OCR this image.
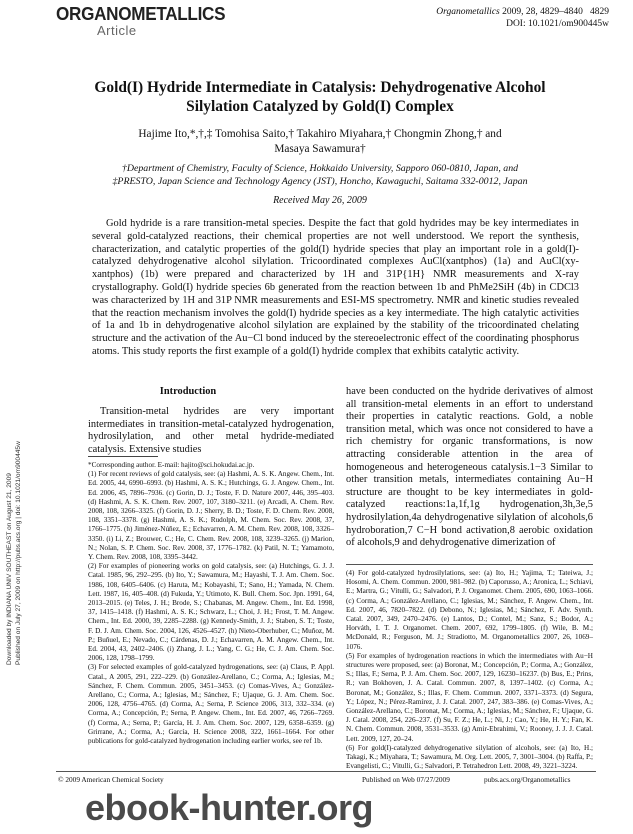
ORGANOMETALLICS
Article
Organometallics 2009, 28, 4829–4840 4829
DOI: 10.1021/om900445w
Downloaded by INDIANA UNIV SOUTHEAST on August 21, 2009 Published on July 27, 2009 on http://pubs.acs.org | doi: 10.1021/om900445w
Gold(I) Hydride Intermediate in Catalysis: Dehydrogenative Alcohol
Silylation Catalyzed by Gold(I) Complex
Hajime Ito,*,†,‡ Tomohisa Saito,† Takahiro Miyahara,† Chongmin Zhong,† and
Masaya Sawamura†
†Department of Chemistry, Faculty of Science, Hokkaido University, Sapporo 060-0810, Japan, and
‡PRESTO, Japan Science and Technology Agency (JST), Honcho, Kawaguchi, Saitama 332-0012, Japan
Received May 26, 2009
Gold hydride is a rare transition-metal species. Despite the fact that gold hydrides may be key intermediates in several gold-catalyzed reactions, their chemical properties are not well understood. We report the synthesis, characterization, and catalytic properties of the gold(I) hydride species that play an important role in a gold(I)-catalyzed dehydrogenative alcohol silylation. Tricoordinated complexes AuCl(xantphos) (1a) and AuCl(xy-xantphos) (1b) were prepared and characterized by 1H and 31P{1H} NMR measurements and X-ray crystallography. Gold(I) hydride species 6b generated from the reaction between 1b and PhMe2SiH (4b) in CDCl3 was characterized by 1H and 31P NMR measurements and ESI-MS spectrometry. NMR and kinetic studies revealed that the reaction mechanism involves the gold(I) hydride species as a key intermediate. The high catalytic activities of 1a and 1b in dehydrogenative alcohol silylation are explained by the stability of the tricoordinated chelating structure and the activation of the Au−Cl bond induced by the stereoelectronic effect of the coordinating phosphorus atoms. This study reports the first example of a gold(I) hydride complex that exhibits catalytic activity.
Introduction
Transition-metal hydrides are very important intermediates in transition-metal-catalyzed hydrogenation, hydrosilylation, and other metal hydride-mediated catalysis. Extensive studies

*Corresponding author. E-mail: hajito@sci.hokudai.ac.jp.

(1) For recent reviews of gold catalysis, see: (a) Hashmi, A. S. K. Angew. Chem., Int. Ed. 2005, 44, 6990–6993. (b) Hashmi, A. S. K.; Hutchings, G. J. Angew. Chem., Int. Ed. 2006, 45, 7896–7936. (c) Gorin, D. J.; Toste, F. D. Nature 2007, 446, 395–403. (d) Hashmi, A. S. K. Chem. Rev. 2007, 107, 3180–3211. (e) Arcadi, A. Chem. Rev. 2008, 108, 3266–3325. (f) Gorin, D. J.; Sherry, B. D.; Toste, F. D. Chem. Rev. 2008, 108, 3351–3378. (g) Hashmi, A. S. K.; Rudolph, M. Chem. Soc. Rev. 2008, 37, 1766–1775. (h) Jiménez-Núñez, E.; Echavarren, A. M. Chem. Rev. 2008, 108, 3326–3350. (i) Li, Z.; Brouwer, C.; He, C. Chem. Rev. 2008, 108, 3239–3265. (j) Marion, N.; Nolan, S. P. Chem. Soc. Rev. 2008, 37, 1776–1782. (k) Patil, N. T.; Yamamoto, Y. Chem. Rev. 2008, 108, 3395–3442.

(2) For examples of pioneering works on gold catalysis, see: (a) Hutchings, G. J. J. Catal. 1985, 96, 292–295. (b) Ito, Y.; Sawamura, M.; Hayashi, T. J. Am. Chem. Soc. 1986, 108, 6405–6406. (c) Haruta, M.; Kobayashi, T.; Sano, H.; Yamada, N. Chem. Lett. 1987, 16, 405–408. (d) Fukuda, Y.; Utimoto, K. Bull. Chem. Soc. Jpn. 1991, 64, 2013–2015. (e) Teles, J. H.; Brode, S.; Chabanas, M. Angew. Chem., Int. Ed. 1998, 37, 1415–1418. (f) Hashmi, A. S. K.; Schwarz, L.; Choi, J. H.; Frost, T. M. Angew. Chem., Int. Ed. 2000, 39, 2285–2288. (g) Kennedy-Smith, J. J.; Staben, S. T.; Toste, F. D. J. Am. Chem. Soc. 2004, 126, 4526–4527. (h) Nieto-Oberhuber, C.; Muñoz, M. P.; Buñuel, E.; Nevado, C.; Cárdenas, D. J.; Echavarren, A. M. Angew. Chem., Int. Ed. 2004, 43, 2402–2406. (i) Zhang, J. L.; Yang, C. G.; He, C. J. Am. Chem. Soc. 2006, 128, 1798–1799.

(3) For selected examples of gold-catalyzed hydrogenations, see: (a) Claus, P. Appl. Catal., A 2005, 291, 222–229. (b) González-Arellano, C.; Corma, A.; Iglesias, M.; Sánchez, F. Chem. Commun. 2005, 3451–3453. (c) Comas-Vives, A.; González-Arellano, C.; Corma, A.; Iglesias, M.; Sánchez, F.; Ujaque, G. J. Am. Chem. Soc. 2006, 128, 4756–4765. (d) Corma, A.; Serna, P. Science 2006, 313, 332–334. (e) Corma, A.; Concepción, P.; Serna, P. Angew. Chem., Int. Ed. 2007, 46, 7266–7269. (f) Corma, A.; Serna, P.; García, H. J. Am. Chem. Soc. 2007, 129, 6358–6359. (g) Grirrane, A.; Corma, A.; García, H. Science 2008, 322, 1661–1664. For other publications for gold-catalyzed hydrogenation including earlier works, see ref 1b.

have been conducted on the hydride derivatives of almost all transition-metal elements in an effort to understand their properties in catalytic reactions. Gold, a noble transition metal, which was once not considered to have a rich chemistry for organic transformations, is now attracting considerable attention in the area of homogeneous and heterogeneous catalysis.1−3 Similar to other transition metals, intermediates containing Au−H structure are thought to be key intermediates in gold-catalyzed reactions:1a,1f,1g hydrogenation,3h,3e,5 hydrosilylation,4a dehydrogenative silylation of alcohols,6 hydroboration,7 C−H bond activation,8 aerobic oxidation of alcohols,9 and dehydrogenative dimerization of

(4) For gold-catalyzed hydrosilylations, see: (a) Ito, H.; Yajima, T.; Tateiwa, J.; Hosomi, A. Chem. Commun. 2000, 981–982. (b) Caporusso, A.; Aronica, L.; Schiavi, E.; Martra, G.; Vitulli, G.; Salvadori, P. J. Organomet. Chem. 2005, 690, 1063–1066. (c) Corma, A.; González-Arellano, C.; Iglesias, M.; Sánchez, F. Angew. Chem., Int. Ed. 2007, 46, 7820–7822. (d) Debono, N.; Iglesias, M.; Sánchez, F. Adv. Synth. Catal. 2007, 349, 2470–2476. (e) Lantos, D.; Contel, M.; Sanz, S.; Bodor, A.; Horváth, I. T. J. Organomet. Chem. 2007, 692, 1799–1805. (f) Wile, B. M.; McDonald, R.; Ferguson, M. J.; Stradiotto, M. Organometallics 2007, 26, 1069–1076.

(5) For examples of hydrogenation reactions in which the intermediates with Au−H structures were proposed, see: (a) Boronat, M.; Concepción, P.; Corma, A.; González, S.; Illas, F.; Serna, P. J. Am. Chem. Soc. 2007, 129, 16230–16237. (b) Bus, E.; Prins, R.; van Bokhoven, J. A. Catal. Commun. 2007, 8, 1397–1402. (c) Corma, A.; Boronat, M.; González, S.; Illas, F. Chem. Commun. 2007, 3371–3373. (d) Segura, Y.; López, N.; Pérez-Ramírez, J. J. Catal. 2007, 247, 383–386. (e) Comas-Vives, A.; González-Arellano, C.; Boronat, M.; Corma, A.; Iglesias, M.; Sánchez, F.; Ujaque, G. J. Catal. 2008, 254, 226–237. (f) Su, F. Z.; He, L.; Ni, J.; Cao, Y.; He, H. Y.; Fan, K. N. Chem. Commun. 2008, 3531–3533. (g) Amir-Ebrahimi, V.; Rooney, J. J. J. Catal. Lett. 2009, 127, 20–24.

(6) For gold(I)-catalyzed dehydrogenative silylation of alcohols, see: (a) Ito, H.; Takagi, K.; Miyahara, T.; Sawamura, M. Org. Lett. 2005, 7, 3001–3004. (b) Raffa, P.; Evangelisti, C.; Vitulli, G.; Salvadori, P. Tetrahedron Lett. 2008, 49, 3221–3224.

© 2009 American Chemical Society	Published on Web 07/27/2009	pubs.acs.org/Organometallics
ebook-hunter.org
